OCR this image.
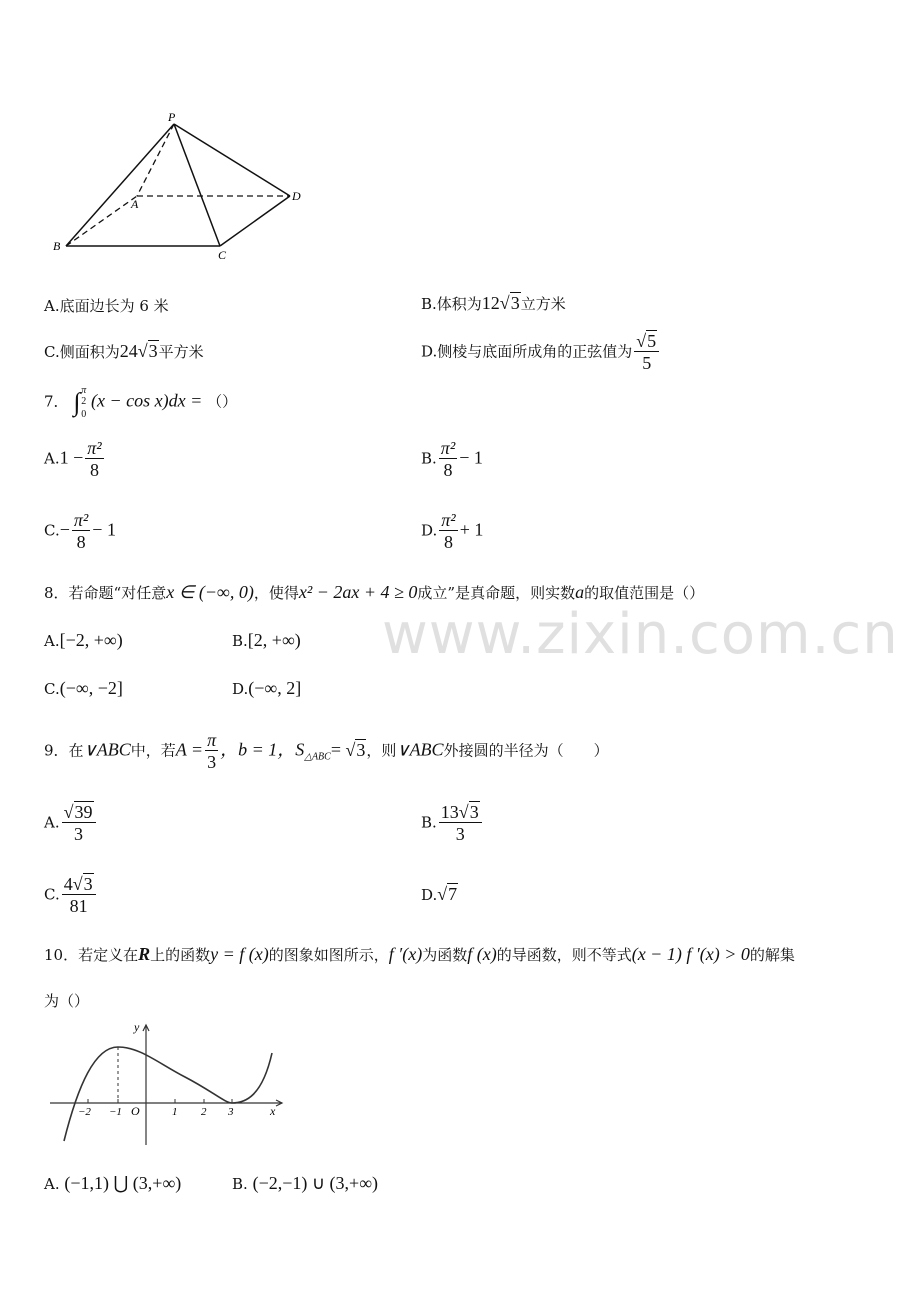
P
A
B
C
D
A.底面边长为 6 米	B.体积为12√3立方米
C.侧面积为24√3平方米	D.侧棱与底面所成角的正弦值为 $\frac{√5}{5}$
7． ∫ π
2
0
(x − cos x)dx = （）
$A.1 - \frac{\text{π²}}{8}$	B. $\frac{\text{π²}}{8} - 1$
$C.- \frac{\text{π²}}{8} - 1$	D. $\frac{\text{π²}}{8} + 1$
8．若命题“对任意x ∈ (−∞, 0)，使得x² − 2ax + 4 ≥ 0成立”是真命题，则实数a的取值范围是（）
A.[−2, +∞)	B.[2, +∞)
C.(−∞, −2]	D.(−∞, 2]
www.zixin.com.cn
9．在∨ABC中，若$A = \frac{\pi}{3}$ ，b = 1，$S_{\triangle ABC}= √3$，则∨ABC外接圆的半径为（　　）
A. $\frac{√39}{3}$	B. $\frac{13√3}{3}$
C. $\frac{4√3}{81}$	D.√7
10．若定义在R上的函数y = f (x)的图象如图所示，f ′(x)为函数f (x)的导函数，则不等式(x − 1) f ′(x) > 0的解集
为（）
y
x
O
−2 −1	1 2 3
A. (−1,1) ⋃ (3,+∞)	B. (−2,−1) ∪ (3,+∞)
